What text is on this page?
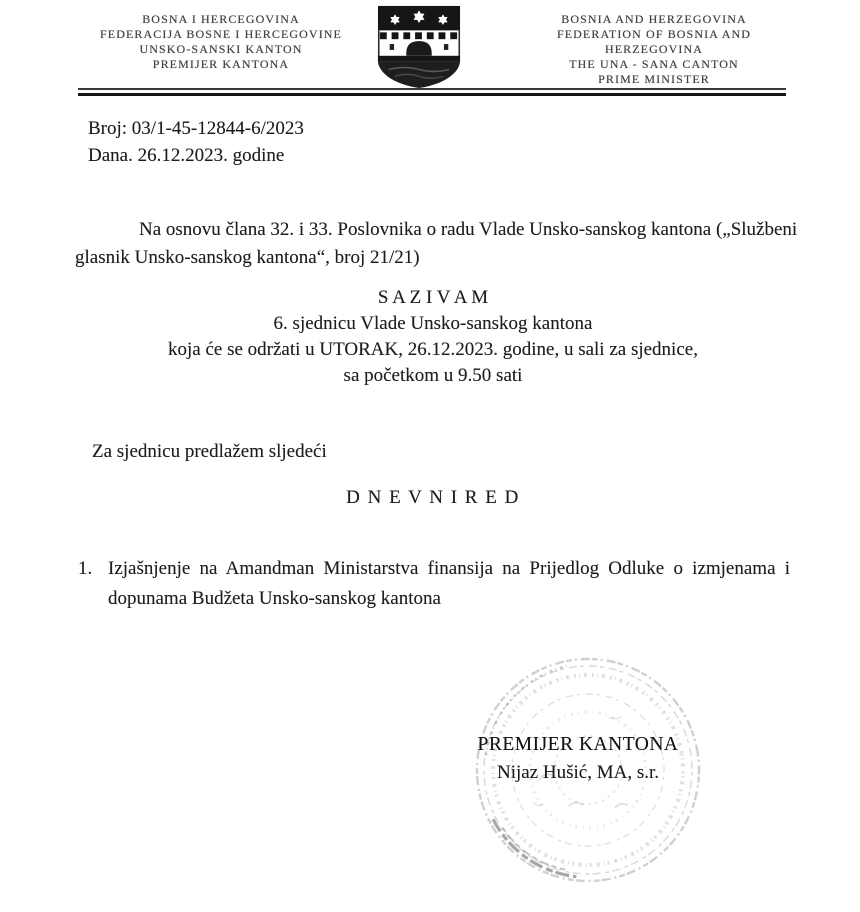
BOSNA I HERCEGOVINA
FEDERACIJA BOSNE I HERCEGOVINE
UNSKO-SANSKI KANTON
PREMIJER KANTONA
BOSNIA AND HERZEGOVINA
FEDERATION OF BOSNIA AND HERZEGOVINA
THE UNA - SANA CANTON
PRIME MINISTER
Broj: 03/1-45-12844-6/2023
Dana. 26.12.2023. godine
Na osnovu člana 32. i 33. Poslovnika o radu Vlade Unsko-sanskog kantona („Službeni
glasnik Unsko-sanskog kantona“, broj 21/21)
S A Z I V A M
6. sjednicu Vlade Unsko-sanskog kantona
koja će se održati u UTORAK, 26.12.2023. godine, u sali za sjednice,
sa početkom u 9.50 sati
Za sjednicu predlažem sljedeći
D N E V N I R E D
1. Izjašnjenje na Amandman Ministarstva finansija na Prijedlog Odluke o izmjenama i
dopunama Budžeta Unsko-sanskog kantona
PREMIJER KANTONA
Nijaz Hušić, MA, s.r.
